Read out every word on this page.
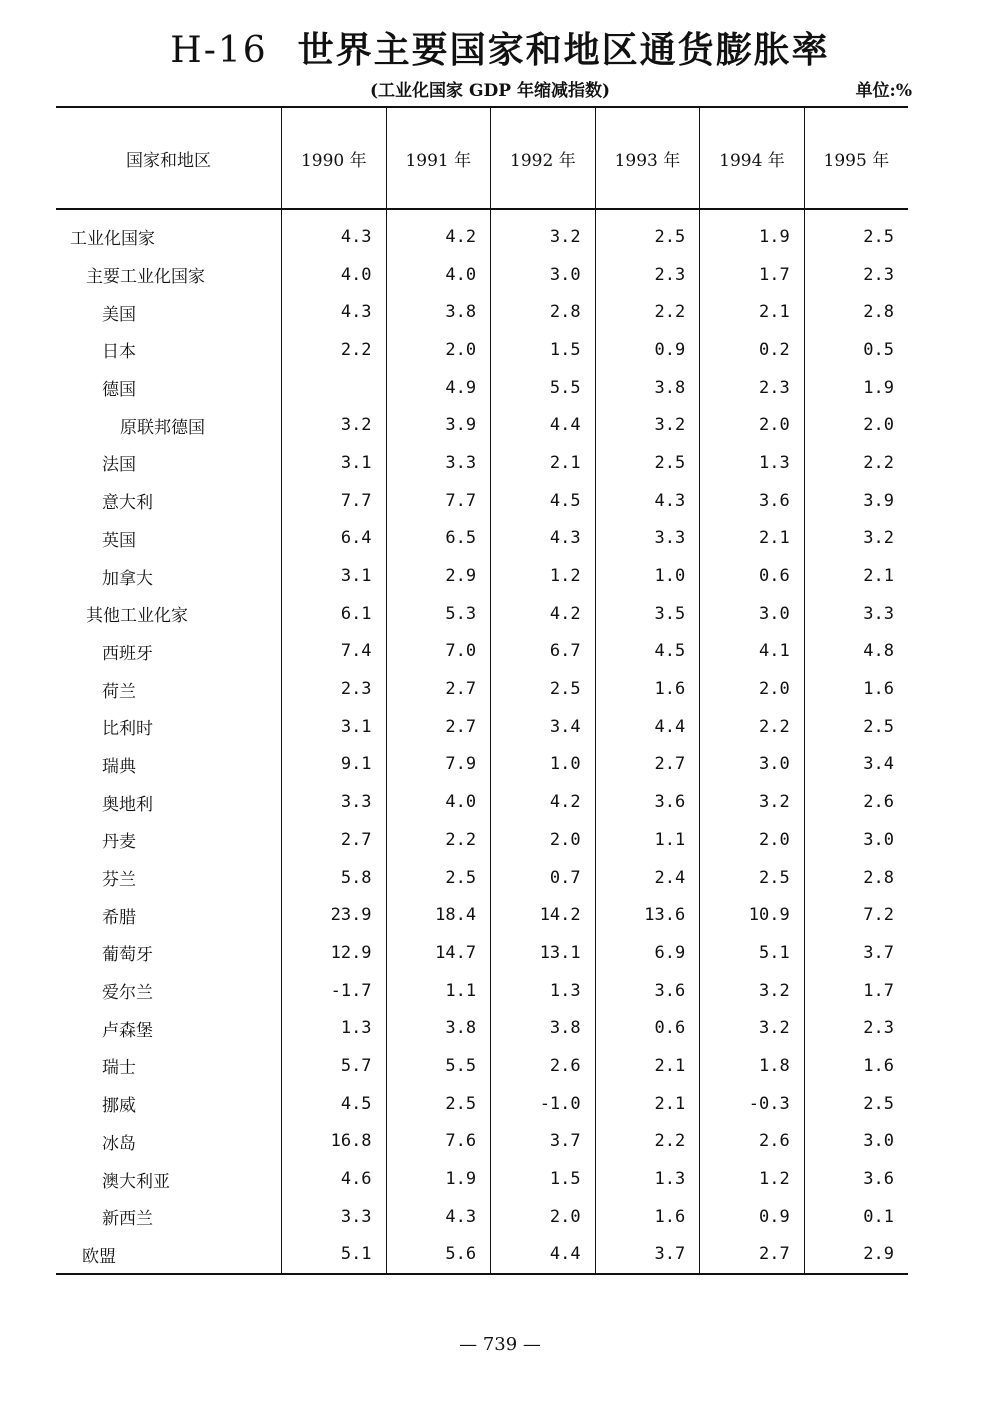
H-16 世界主要国家和地区通货膨胀率
(工业化国家 GDP 年缩减指数)	单位:%
国家和地区	1990 年	1991 年	1992 年	1993 年	1994 年	1995 年
工业化国家	4.3	4.2	3.2	2.5	1.9	2.5
主要工业化国家	4.0	4.0	3.0	2.3	1.7	2.3
美国	4.3	3.8	2.8	2.2	2.1	2.8
日本	2.2	2.0	1.5	0.9	0.2	0.5
德国		4.9	5.5	3.8	2.3	1.9
原联邦德国	3.2	3.9	4.4	3.2	2.0	2.0
法国	3.1	3.3	2.1	2.5	1.3	2.2
意大利	7.7	7.7	4.5	4.3	3.6	3.9
英国	6.4	6.5	4.3	3.3	2.1	3.2
加拿大	3.1	2.9	1.2	1.0	0.6	2.1
其他工业化家	6.1	5.3	4.2	3.5	3.0	3.3
西班牙	7.4	7.0	6.7	4.5	4.1	4.8
荷兰	2.3	2.7	2.5	1.6	2.0	1.6
比利时	3.1	2.7	3.4	4.4	2.2	2.5
瑞典	9.1	7.9	1.0	2.7	3.0	3.4
奥地利	3.3	4.0	4.2	3.6	3.2	2.6
丹麦	2.7	2.2	2.0	1.1	2.0	3.0
芬兰	5.8	2.5	0.7	2.4	2.5	2.8
希腊	23.9	18.4	14.2	13.6	10.9	7.2
葡萄牙	12.9	14.7	13.1	6.9	5.1	3.7
爱尔兰	-1.7	1.1	1.3	3.6	3.2	1.7
卢森堡	1.3	3.8	3.8	0.6	3.2	2.3
瑞士	5.7	5.5	2.6	2.1	1.8	1.6
挪威	4.5	2.5	-1.0	2.1	-0.3	2.5
冰岛	16.8	7.6	3.7	2.2	2.6	3.0
澳大利亚	4.6	1.9	1.5	1.3	1.2	3.6
新西兰	3.3	4.3	2.0	1.6	0.9	0.1
欧盟	5.1	5.6	4.4	3.7	2.7	2.9
— 739 —
